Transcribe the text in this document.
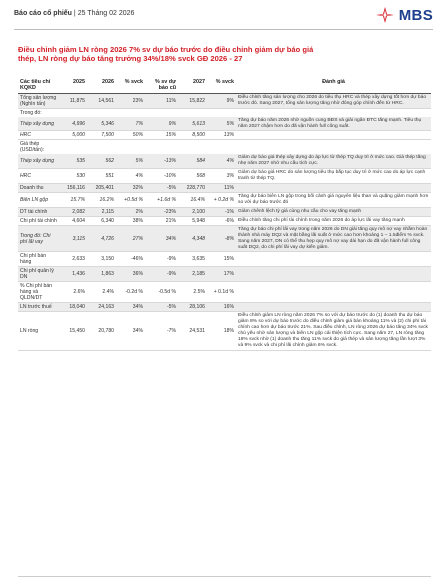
Báo cáo cổ phiếu | 25 Tháng 02 2026	MBS
Điều chỉnh giảm LN ròng 2026 7% sv dự báo trước do điều chỉnh giảm dự báo giá thép, LN ròng dự báo tăng trưởng 34%/18% svck GĐ 2026 - 27
Các tiêu chí KQKD	2025	2026	% svck	% sv dự báo cũ	2027	% svck	Đánh giá
Tổng sản lượng (Nghìn tấn)	11,875	14,561	23%	11%	15,822	9%	Điều chỉnh tăng sản lượng cho 2026 do tiêu thụ HRC và thép xây dựng tốt hơn dự báo trước đó. Sang 2027, tổng sản lượng tăng nhờ đóng góp chính đến từ HRC.
Trong đó:							
Thép xây dựng	4,996	5,346	7%	9%	5,613	5%	Tăng dự báo năm 2026 nhờ nguồn cung BĐS và giải ngân ĐTC tăng mạnh. Tiêu thụ năm 2027 chậm hơn do đã vận hành full công suất.
HRC	5,000	7,500	50%	15%	8,500	13%	
Giá thép (USD/tấn):							
Thép xây dựng	535	562	5%	-13%	584	4%	Giảm dự báo giá thép xây dựng do áp lực từ thép TQ duy trì ở mức cao. Giá thép tăng nhẹ năm 2027 nhờ nhu cầu tích cực.
HRC	530	551	4%	-10%	568	3%	Giảm dự báo giá HRC do sản lượng tiêu thụ bắp tục duy trì ở mức cao do áp lực cạnh tranh từ thép TQ.
Doanh thu	156,116	205,401	32%	-5%	228,770	11%	
Biên LN gộp	15.7%	16.2%	+0.5d %	+1.6d %	16.4%	+ 0.2d %	Tăng dự báo biên LN gộp trong bối cảnh giá nguyên liệu than và quặng giảm mạnh hơn so với dự báo trước đó
DT tài chính	2,082	2,115	2%	-23%	2,100	-1%	Giảm chênh lệch tỷ giá cùng nhu cầu cho vay tăng mạnh
Chi phí tài chính	4,604	6,340	38%	21%	5,948	-6%	Điều chỉnh tăng chi phí tài chính trong năm 2026 do áp lực lãi vay tăng mạnh
Trong đó: Chi phí lãi vay	3,115	4,726	27%	34%	4,348	-8%	Tăng dự báo chi phí lãi vay trong năm 2026 do DN giải tăng quy mô nợ vay nhằm hoàn thành nhà máy DQ2 và mặt bằng lãi suất ở mức cao hơn khoảng 1 – 1.5điểm % svck. Sang năm 2027, DN có thể thu hẹp quy mô nợ vay dài hạn do đã vận hành full công suất DQ2, do chi phí lãi vay dự kiến giảm.
Chi phí bán hàng	2,633	3,150	-46%	-9%	3,635	15%	
Chi phí quản lý DN	1,436	1,863	36%	-9%	2,185	17%	
% Chi phí bán hàng và QLDN/DT	2.6%	2.4%	-0.2d %	-0.5d %	2.5%	+ 0.1d %	
LN trước thuế	18,040	24,163	34%	-5%	28,106	16%	
LN ròng	15,450	20,780	34%	-7%	24,531	18%	Điều chỉnh giảm LN ròng năm 2026 7% so với dự báo trước do (1) doanh thu dự báo giảm 8% so với dự báo trước do điều chỉnh giảm giá bán khoảng 11% và (2) chi phí tài chính cao hơn dự báo trước 21%. Sau điều chỉnh, LN ròng 2026 dự báo tăng 34% svck chủ yếu nhờ sản lượng và biên LN gộp cải thiện tích cực. Sang năm 27, LN ròng tăng 18% svck nhờ (1) doanh thu tăng 11% svck do giá thép và sản lượng tăng lần lượt 3% và 9% svck và chi phí lãi chính giảm 6% svck.
